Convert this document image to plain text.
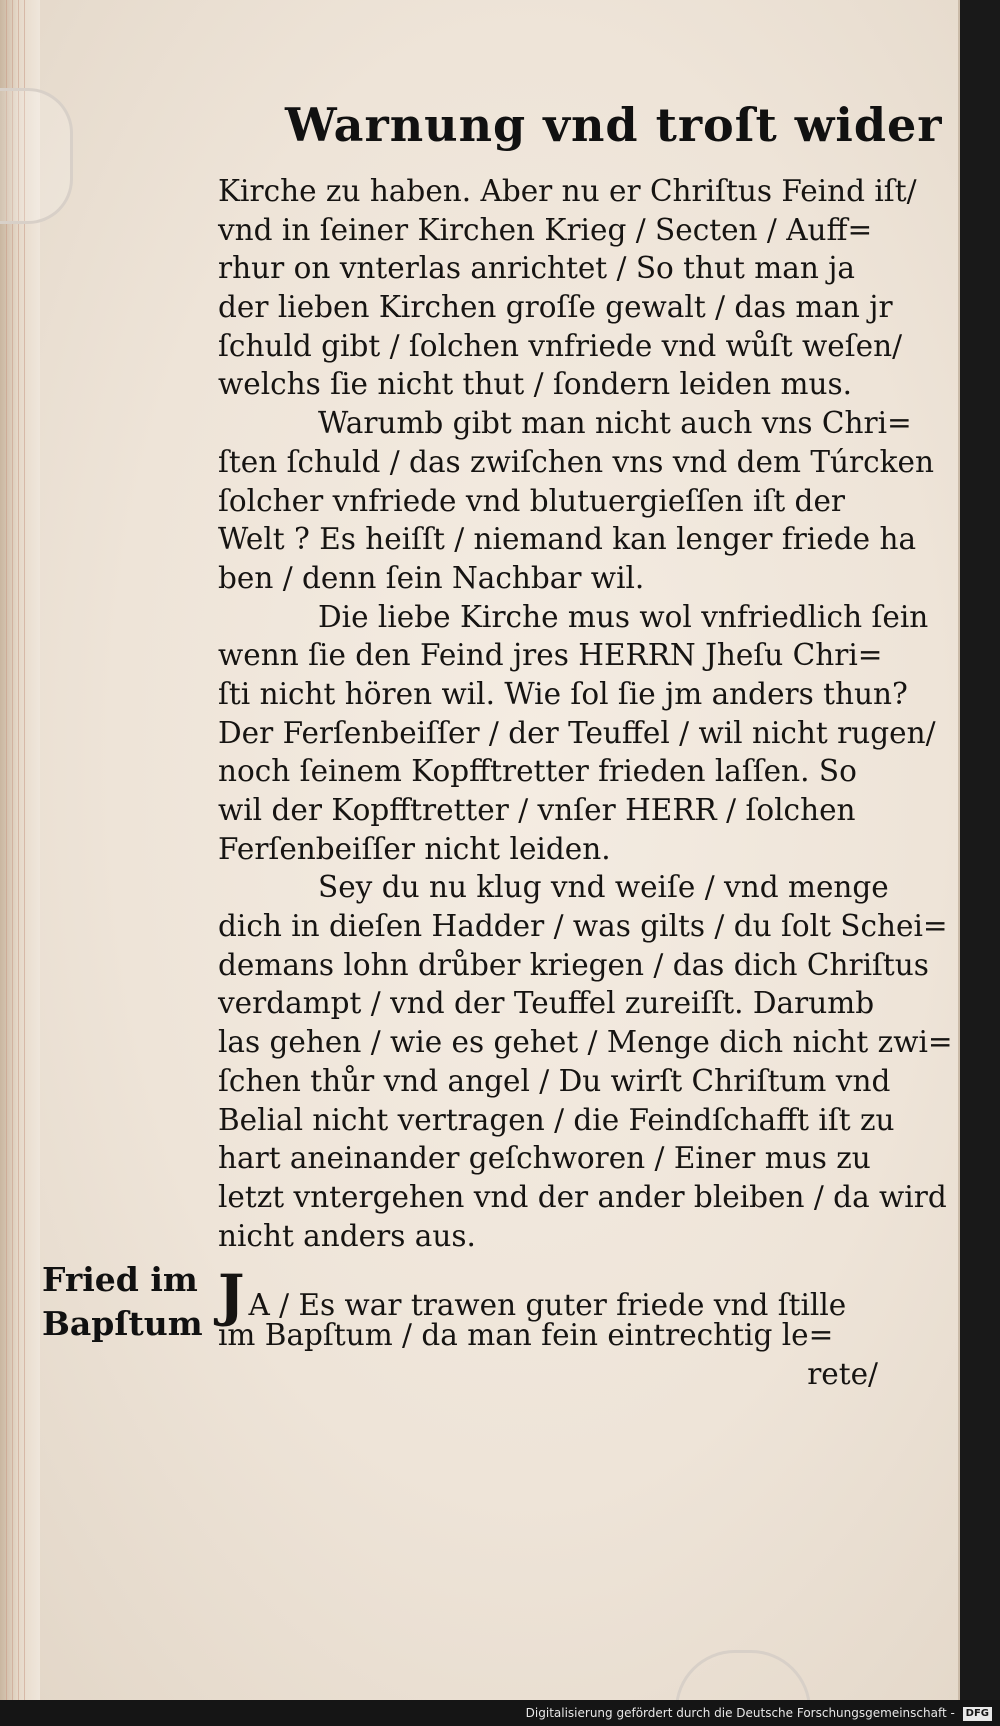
Warnung vnd troſt wider
Kirche zu haben. Aber nu er Chriſtus Feind iſt/
vnd in ſeiner Kirchen Krieg / Secten / Auff=
rhur on vnterlas anrichtet / So thut man ja
der lieben Kirchen groſſe gewalt / das man jr
ſchuld gibt / ſolchen vnfriede vnd wůſt weſen/
welchs ſie nicht thut / ſondern leiden mus.
Warumb gibt man nicht auch vns Chri=
ſten ſchuld / das zwiſchen vns vnd dem Túrcken
ſolcher vnfriede vnd blutuergieſſen iſt der
Welt ? Es heiſſt / niemand kan lenger friede ha
ben / denn ſein Nachbar wil.
Die liebe Kirche mus wol vnfriedlich ſein
wenn ſie den Feind jres HERRN Jheſu Chri=
ſti nicht hören wil. Wie ſol ſie jm anders thun?
Der Ferſenbeiſſer / der Teuffel / wil nicht rugen/
noch ſeinem Kopfftretter frieden laſſen. So
wil der Kopfftretter / vnſer HERR / ſolchen
Ferſenbeiſſer nicht leiden.
Sey du nu klug vnd weiſe / vnd menge
dich in dieſen Hadder / was gilts / du ſolt Schei=
demans lohn drůber kriegen / das dich Chriſtus
verdampt / vnd der Teuffel zureiſſt. Darumb
las gehen / wie es gehet / Menge dich nicht zwi=
ſchen thůr vnd angel / Du wirſt Chriſtum vnd
Belial nicht vertragen / die Feindſchafft iſt zu
hart aneinander geſchworen / Einer mus zu
letzt vntergehen vnd der ander bleiben / da wird
nicht anders aus.
J A / Es war trawen guter friede vnd ſtille
im Bapſtum / da man fein eintrechtig le=
rete/
Fried im
Bapſtum
Digitalisierung gefördert durch die Deutsche Forschungsgemeinschaft - DFG
